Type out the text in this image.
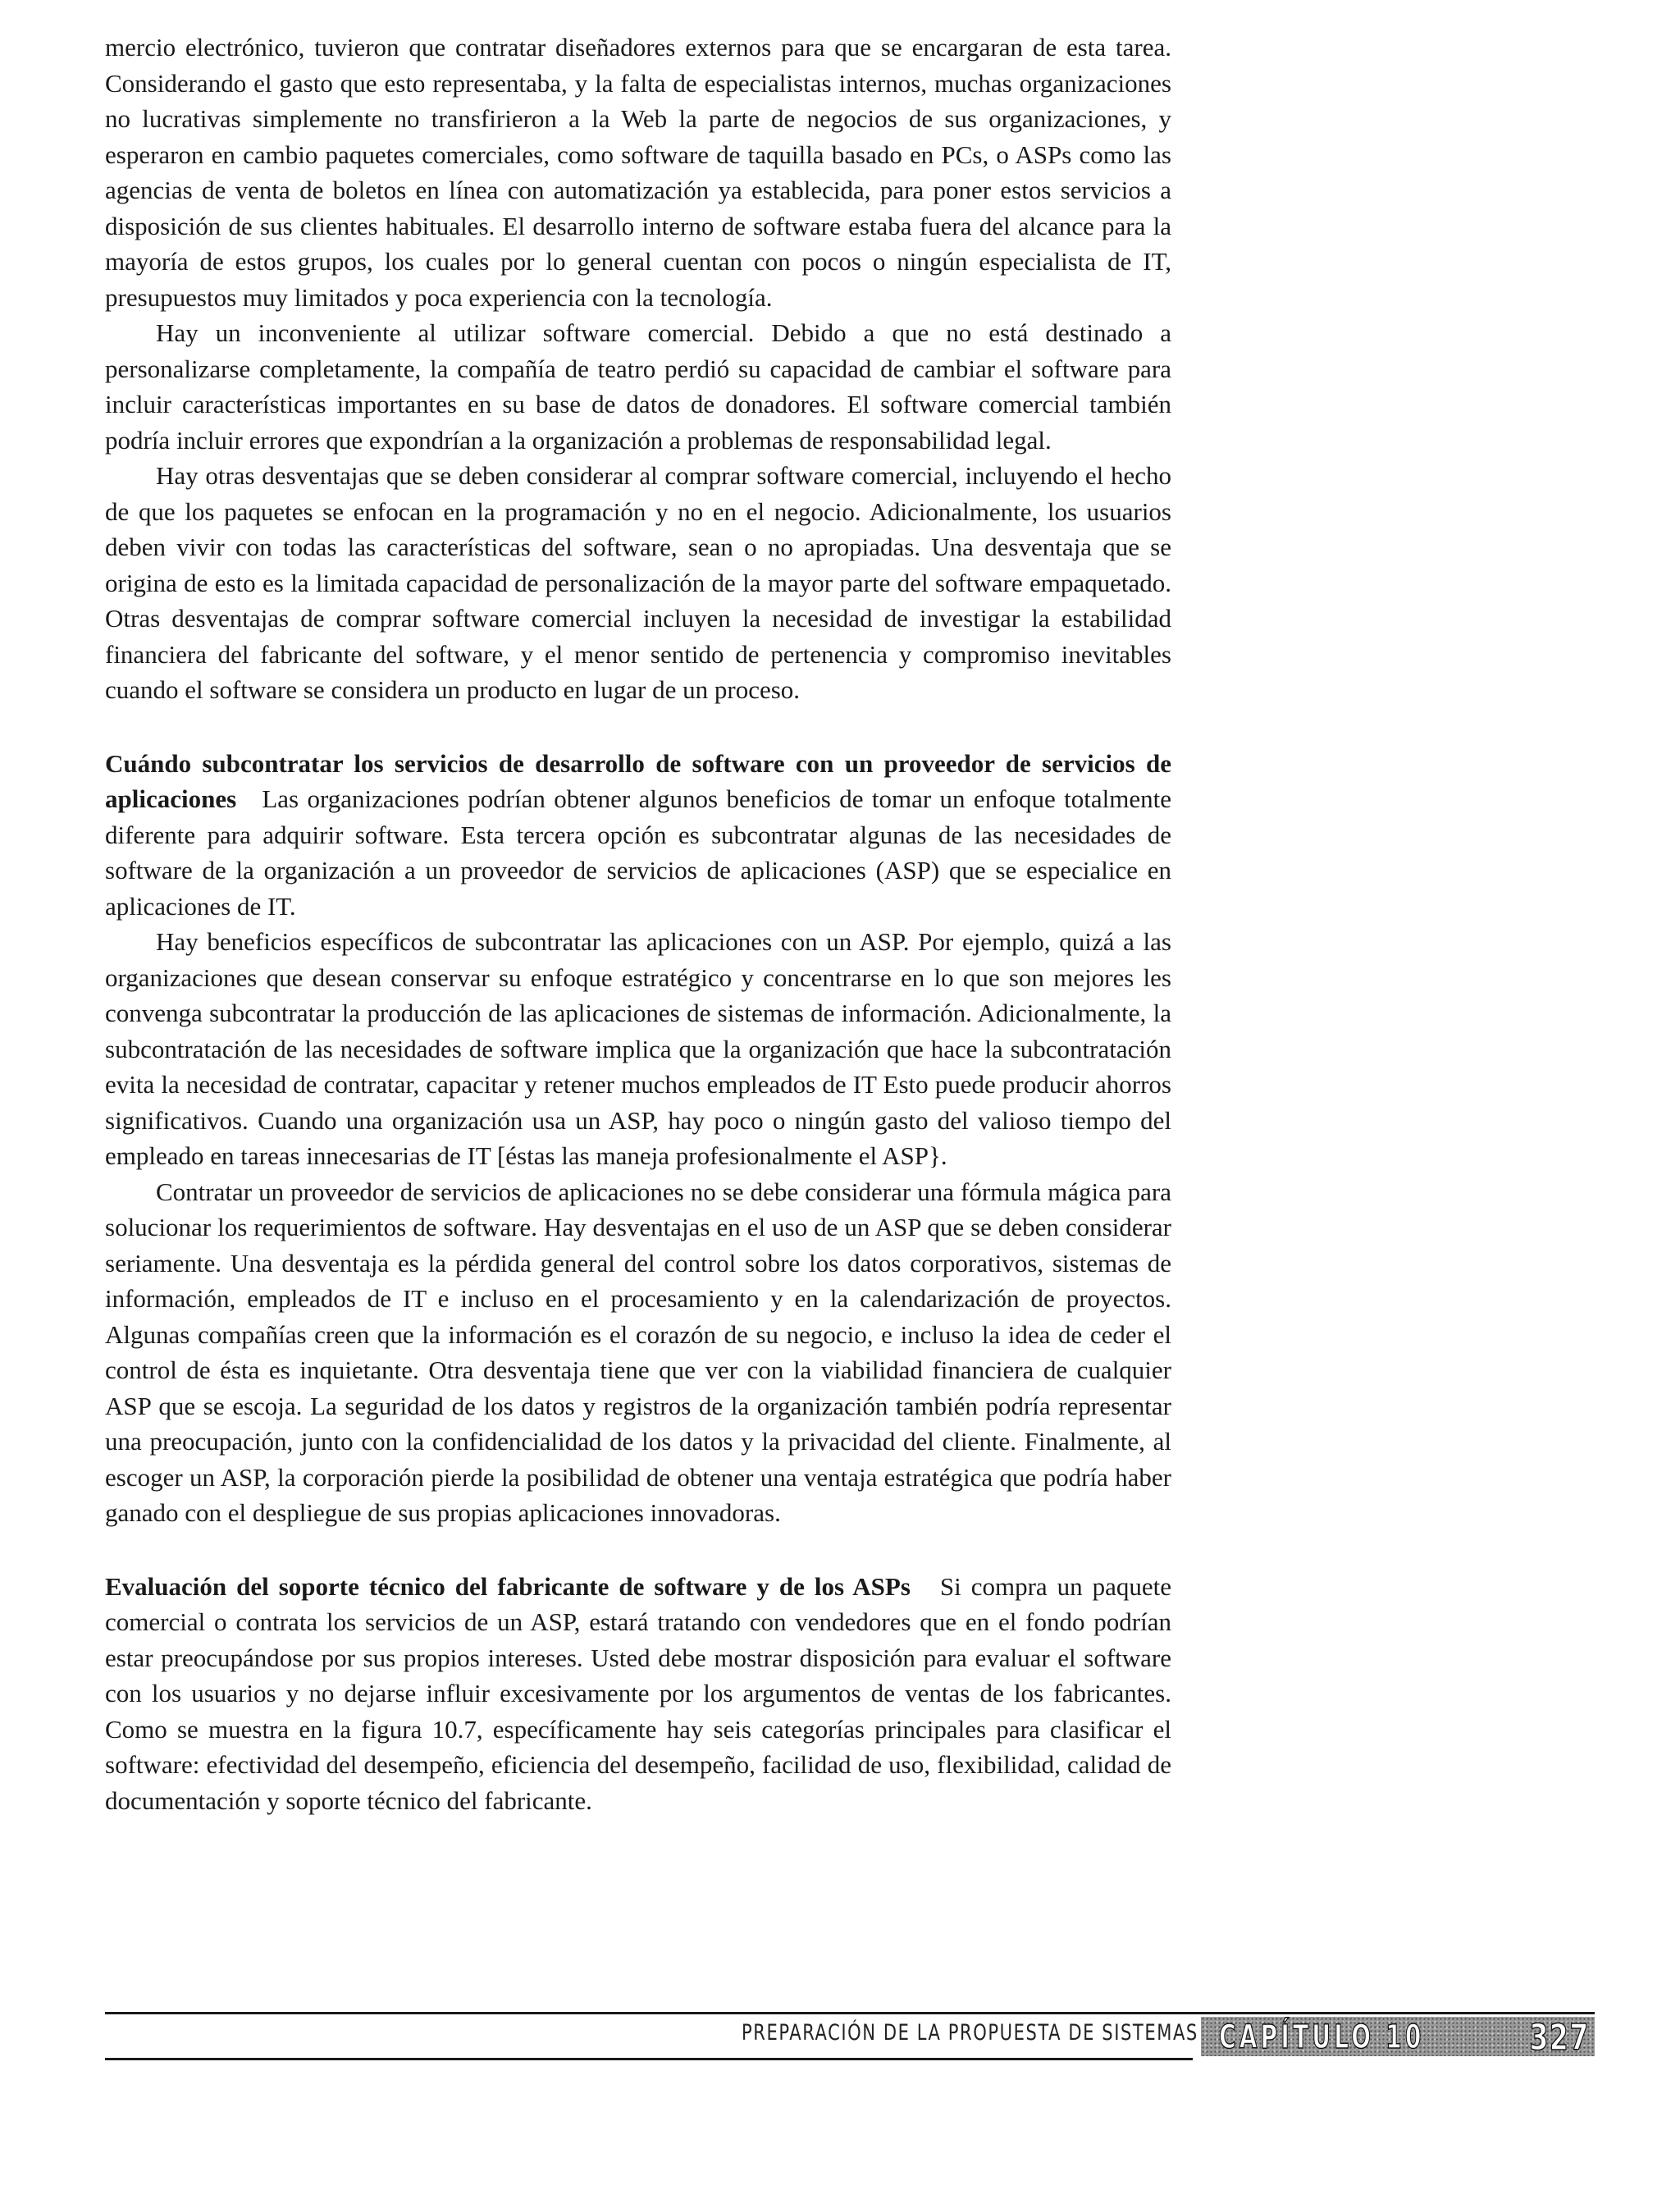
mercio electrónico, tuvieron que contratar diseñadores externos para que se encargaran de esta tarea. Considerando el gasto que esto representaba, y la falta de especialistas internos, muchas organizaciones no lucrativas simplemente no transfirieron a la Web la parte de negocios de sus organizaciones, y esperaron en cambio paquetes comerciales, como software de taquilla basado en PCs, o ASPs como las agencias de venta de boletos en línea con automatización ya establecida, para poner estos servicios a disposición de sus clientes habituales. El desarrollo interno de software estaba fuera del alcance para la mayoría de estos grupos, los cuales por lo general cuentan con pocos o ningún especialista de IT, presupuestos muy limitados y poca experiencia con la tecnología.

Hay un inconveniente al utilizar software comercial. Debido a que no está destinado a personalizarse completamente, la compañía de teatro perdió su capacidad de cambiar el software para incluir características importantes en su base de datos de donadores. El software comercial también podría incluir errores que expondrían a la organización a problemas de responsabilidad legal.

Hay otras desventajas que se deben considerar al comprar software comercial, incluyendo el hecho de que los paquetes se enfocan en la programación y no en el negocio. Adicionalmente, los usuarios deben vivir con todas las características del software, sean o no apropiadas. Una desventaja que se origina de esto es la limitada capacidad de personalización de la mayor parte del software empaquetado. Otras desventajas de comprar software comercial incluyen la necesidad de investigar la estabilidad financiera del fabricante del software, y el menor sentido de pertenencia y compromiso inevitables cuando el software se considera un producto en lugar de un proceso.

Cuándo subcontratar los servicios de desarrollo de software con un proveedor de servicios de aplicaciones Las organizaciones podrían obtener algunos beneficios de tomar un enfoque totalmente diferente para adquirir software. Esta tercera opción es subcontratar algunas de las necesidades de software de la organización a un proveedor de servicios de aplicaciones (ASP) que se especialice en aplicaciones de IT.

Hay beneficios específicos de subcontratar las aplicaciones con un ASP. Por ejemplo, quizá a las organizaciones que desean conservar su enfoque estratégico y concentrarse en lo que son mejores les convenga subcontratar la producción de las aplicaciones de sistemas de información. Adicionalmente, la subcontratación de las necesidades de software implica que la organización que hace la subcontratación evita la necesidad de contratar, capacitar y retener muchos empleados de IT Esto puede producir ahorros significativos. Cuando una organización usa un ASP, hay poco o ningún gasto del valioso tiempo del empleado en tareas innecesarias de IT [éstas las maneja profesionalmente el ASP}.

Contratar un proveedor de servicios de aplicaciones no se debe considerar una fórmula mágica para solucionar los requerimientos de software. Hay desventajas en el uso de un ASP que se deben considerar seriamente. Una desventaja es la pérdida general del control sobre los datos corporativos, sistemas de información, empleados de IT e incluso en el procesamiento y en la calendarización de proyectos. Algunas compañías creen que la información es el corazón de su negocio, e incluso la idea de ceder el control de ésta es inquietante. Otra desventaja tiene que ver con la viabilidad financiera de cualquier ASP que se escoja. La seguridad de los datos y registros de la organización también podría representar una preocupación, junto con la confidencialidad de los datos y la privacidad del cliente. Finalmente, al escoger un ASP, la corporación pierde la posibilidad de obtener una ventaja estratégica que podría haber ganado con el despliegue de sus propias aplicaciones innovadoras.

Evaluación del soporte técnico del fabricante de software y de los ASPs Si compra un paquete comercial o contrata los servicios de un ASP, estará tratando con vendedores que en el fondo podrían estar preocupándose por sus propios intereses. Usted debe mostrar disposición para evaluar el software con los usuarios y no dejarse influir excesivamente por los argumentos de ventas de los fabricantes. Como se muestra en la figura 10.7, específicamente hay seis categorías principales para clasificar el software: efectividad del desempeño, eficiencia del desempeño, facilidad de uso, flexibilidad, calidad de documentación y soporte técnico del fabricante.

PREPARACIÓN DE LA PROPUESTA DE SISTEMAS CAPÍTULO 10	327
